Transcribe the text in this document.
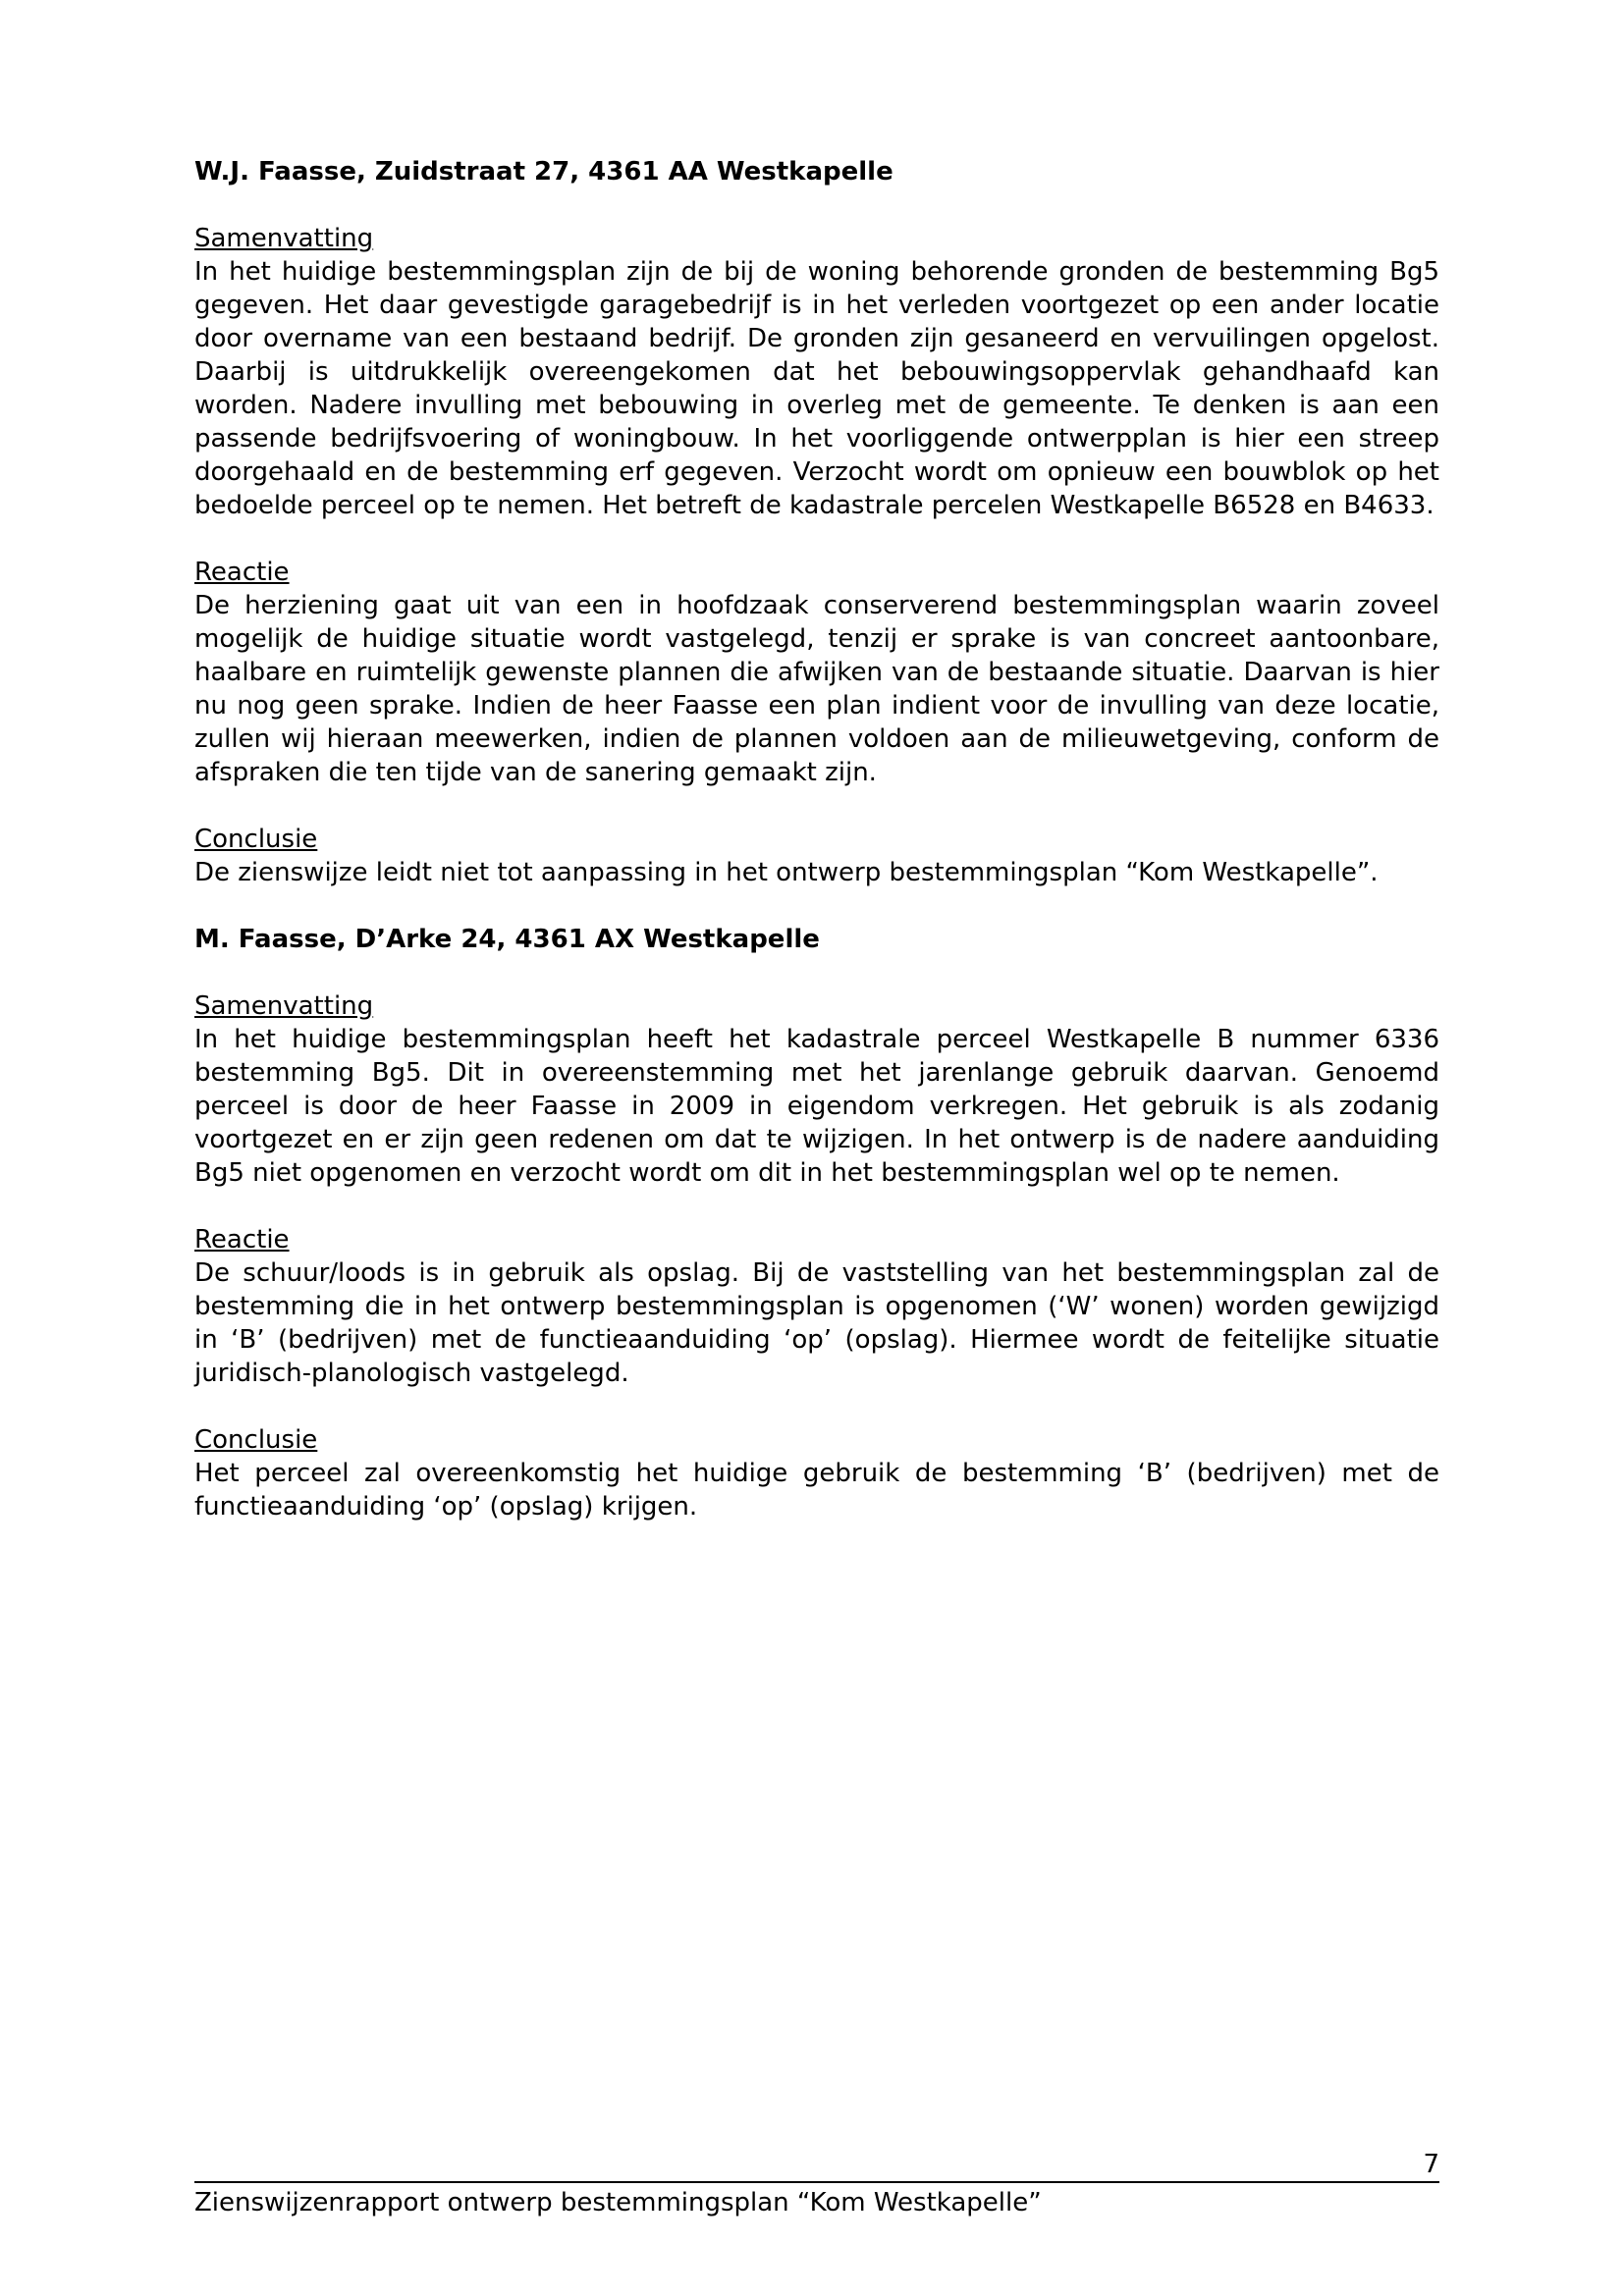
W.J. Faasse, Zuidstraat 27, 4361 AA Westkapelle
Samenvatting

In het huidige bestemmingsplan zijn de bij de woning behorende gronden de bestemming Bg5 gegeven. Het daar gevestigde garagebedrijf is in het verleden voortgezet op een ander locatie door overname van een bestaand bedrijf. De gronden zijn gesaneerd en vervuilingen opgelost. Daarbij is uitdrukkelijk overeengekomen dat het bebouwingsoppervlak gehandhaafd kan worden. Nadere invulling met bebouwing in overleg met de gemeente. Te denken is aan een passende bedrijfsvoering of woningbouw. In het voorliggende ontwerpplan is hier een streep doorgehaald en de bestemming erf gegeven. Verzocht wordt om opnieuw een bouwblok op het bedoelde perceel op te nemen. Het betreft de kadastrale percelen Westkapelle B6528 en B4633.

Reactie

De herziening gaat uit van een in hoofdzaak conserverend bestemmingsplan waarin zoveel mogelijk de huidige situatie wordt vastgelegd, tenzij er sprake is van concreet aantoonbare, haalbare en ruimtelijk gewenste plannen die afwijken van de bestaande situatie. Daarvan is hier nu nog geen sprake. Indien de heer Faasse een plan indient voor de invulling van deze locatie, zullen wij hieraan meewerken, indien de plannen voldoen aan de milieuwetgeving, conform de afspraken die ten tijde van de sanering gemaakt zijn.

Conclusie

De zienswijze leidt niet tot aanpassing in het ontwerp bestemmingsplan “Kom Westkapelle”.

M. Faasse, D’Arke 24, 4361 AX Westkapelle
Samenvatting

In het huidige bestemmingsplan heeft het kadastrale perceel Westkapelle B nummer 6336 bestemming Bg5. Dit in overeenstemming met het jarenlange gebruik daarvan. Genoemd perceel is door de heer Faasse in 2009 in eigendom verkregen. Het gebruik is als zodanig voortgezet en er zijn geen redenen om dat te wijzigen. In het ontwerp is de nadere aanduiding Bg5 niet opgenomen en verzocht wordt om dit in het bestemmingsplan wel op te nemen.

Reactie

De schuur/loods is in gebruik als opslag. Bij de vaststelling van het bestemmingsplan zal de bestemming die in het ontwerp bestemmingsplan is opgenomen (‘W’ wonen) worden gewijzigd in ‘B’ (bedrijven) met de functieaanduiding ‘op’ (opslag). Hiermee wordt de feitelijke situatie juridisch-planologisch vastgelegd.

Conclusie

Het perceel zal overeenkomstig het huidige gebruik de bestemming ‘B’ (bedrijven) met de functieaanduiding ‘op’ (opslag) krijgen.

7
Zienswijzenrapport ontwerp bestemmingsplan “Kom Westkapelle”
